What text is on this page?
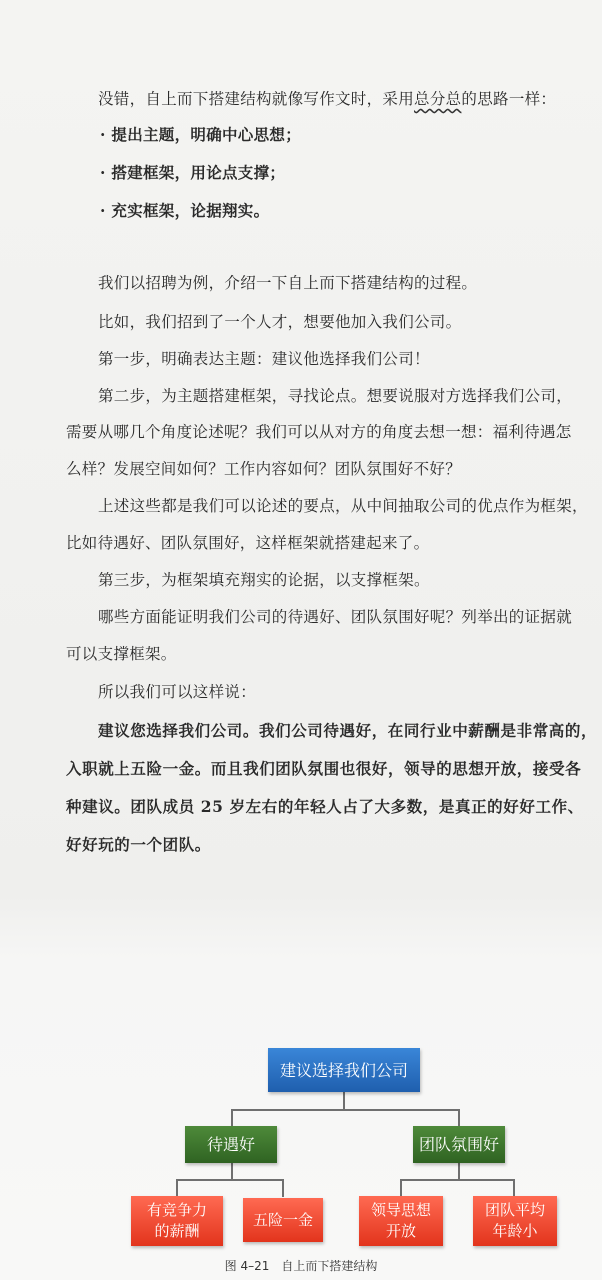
没错，自上而下搭建结构就像写作文时，采用总分总的思路一样：
· 提出主题，明确中心思想；
· 搭建框架，用论点支撑；
· 充实框架，论据翔实。
我们以招聘为例，介绍一下自上而下搭建结构的过程。
比如，我们招到了一个人才，想要他加入我们公司。
第一步，明确表达主题：建议他选择我们公司！
第二步，为主题搭建框架，寻找论点。想要说服对方选择我们公司，
需要从哪几个角度论述呢？我们可以从对方的角度去想一想：福利待遇怎
么样？发展空间如何？工作内容如何？团队氛围好不好？
上述这些都是我们可以论述的要点，从中间抽取公司的优点作为框架，
比如待遇好、团队氛围好，这样框架就搭建起来了。
第三步，为框架填充翔实的论据，以支撑框架。
哪些方面能证明我们公司的待遇好、团队氛围好呢？列举出的证据就
可以支撑框架。
所以我们可以这样说：
建议您选择我们公司。我们公司待遇好，在同行业中薪酬是非常高的，
入职就上五险一金。而且我们团队氛围也很好，领导的思想开放，接受各
种建议。团队成员 25 岁左右的年轻人占了大多数，是真正的好好工作、
好好玩的一个团队。
建议选择我们公司
待遇好	团队氛围好
有竞争力
的薪酬
五险一金
领导思想
开放
团队平均
年龄小
图 4–21　自上而下搭建结构
